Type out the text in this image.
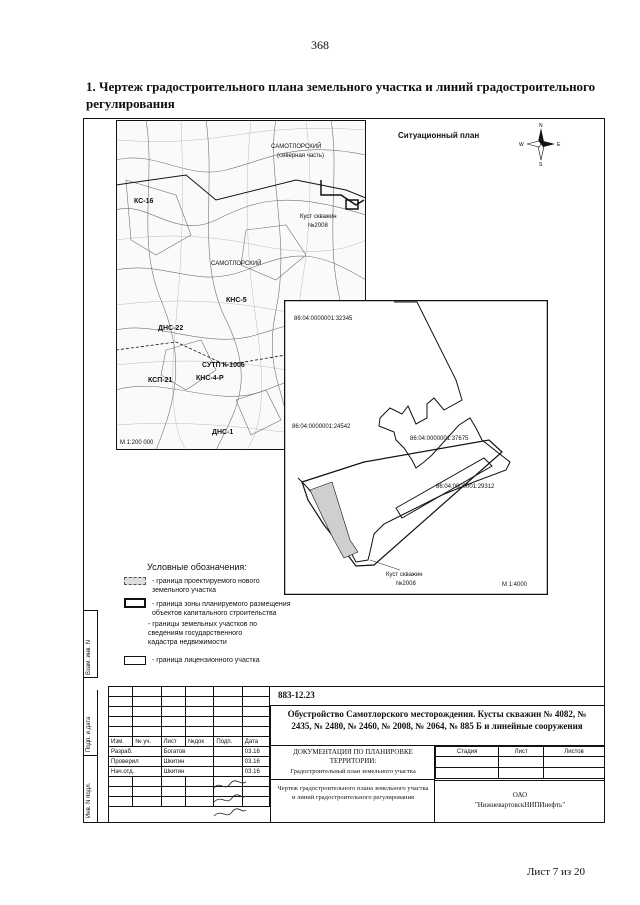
368
1. Чертеж градостроительного плана земельного участка и линий градостроительного регулирования
САМОТЛОРСКИЙ
(северная часть)
Куст скважин
№2008
КС-16
САМОТЛОРСКИЙ
КНС-5
ДНС-22
СУТП К-1006
КСП-21	КНС-4-Р
ДНС-1
М 1:200 000
Ситуационный план
N
S
E
W
86:04:0000001:32345
86:04:0000001:24542
86:04:0000001:37675
86:04:0000001:29312
Куст скважин
№2008	М 1:4000
Условные обозначения:
- граница проектируемого нового земельного участка
- граница зоны планируемого размещения объектов капитального строительства
- границы земельных участков по сведениям государственного кадастра недвижимости
- граница лицензионного участка
Взам. инв. N
Подп. и дата
Инв. N подл.

Изм.	№ уч.	Лист	№док	Подп.	Дата
Разраб.		Богатов			03.16
Проверил		Шкитин			03.16
Нач.отд.		Шкитин			03.16

883-12.23
Обустройство Самотлорского месторождения. Кусты скважин № 4082, № 2435, № 2480, № 2460, № 2008, № 2064, № 885 Б и линейные сооружения
ДОКУМЕНТАЦИЯ ПО ПЛАНИРОВКЕ ТЕРРИТОРИИ:
Градостроительный план земельного участка
Стадия	Лист	Листов

Чертеж градостроительного плана земельного участка и линий градостроительного регулирования	ОАО
"НижневартовскНИПИнефть"
Лист 7 из 20
